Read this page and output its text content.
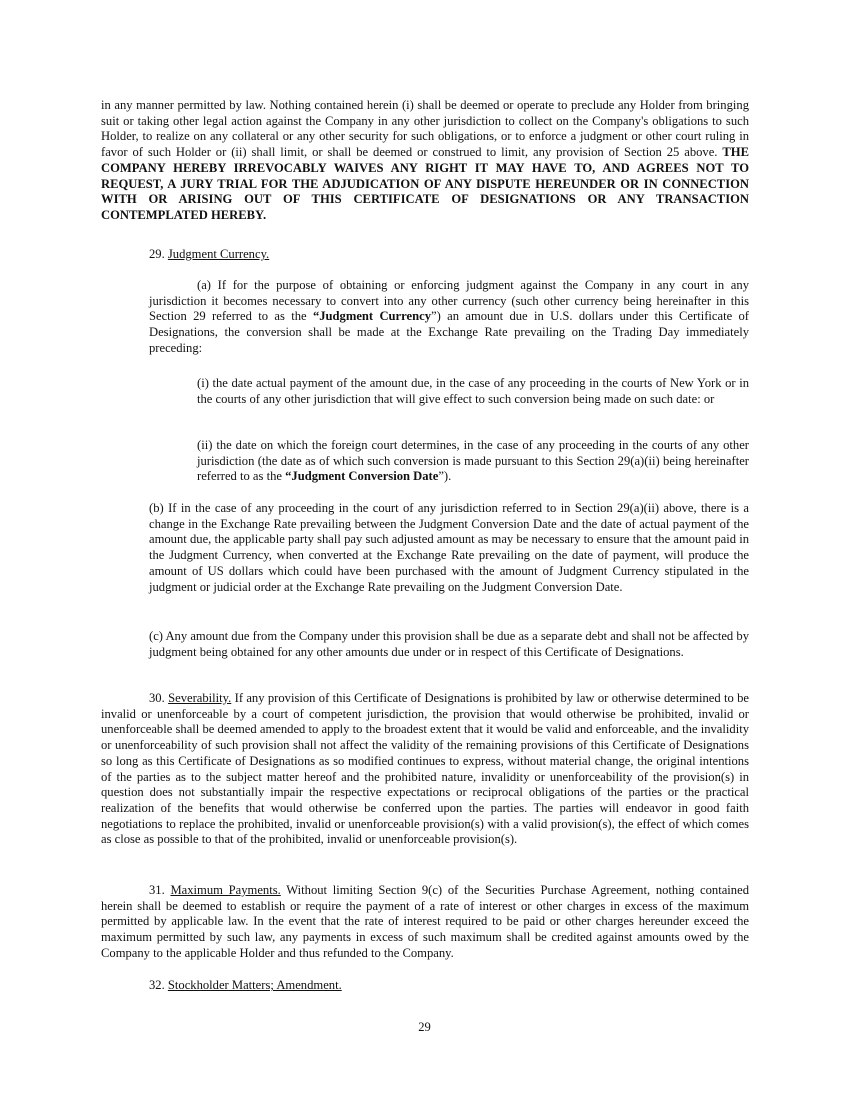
in any manner permitted by law. Nothing contained herein (i) shall be deemed or operate to preclude any Holder from bringing suit or taking other legal action against the Company in any other jurisdiction to collect on the Company's obligations to such Holder, to realize on any collateral or any other security for such obligations, or to enforce a judgment or other court ruling in favor of such Holder or (ii) shall limit, or shall be deemed or construed to limit, any provision of Section 25 above. THE COMPANY HEREBY IRREVOCABLY WAIVES ANY RIGHT IT MAY HAVE TO, AND AGREES NOT TO REQUEST, A JURY TRIAL FOR THE ADJUDICATION OF ANY DISPUTE HEREUNDER OR IN CONNECTION WITH OR ARISING OUT OF THIS CERTIFICATE OF DESIGNATIONS OR ANY TRANSACTION CONTEMPLATED HEREBY.

29. Judgment Currency.

(a) If for the purpose of obtaining or enforcing judgment against the Company in any court in any jurisdiction it becomes necessary to convert into any other currency (such other currency being hereinafter in this Section 29 referred to as the “Judgment Currency”) an amount due in U.S. dollars under this Certificate of Designations, the conversion shall be made at the Exchange Rate prevailing on the Trading Day immediately preceding:

(i) the date actual payment of the amount due, in the case of any proceeding in the courts of New York or in the courts of any other jurisdiction that will give effect to such conversion being made on such date: or

(ii) the date on which the foreign court determines, in the case of any proceeding in the courts of any other jurisdiction (the date as of which such conversion is made pursuant to this Section 29(a)(ii) being hereinafter referred to as the “Judgment Conversion Date”).

(b) If in the case of any proceeding in the court of any jurisdiction referred to in Section 29(a)(ii) above, there is a change in the Exchange Rate prevailing between the Judgment Conversion Date and the date of actual payment of the amount due, the applicable party shall pay such adjusted amount as may be necessary to ensure that the amount paid in the Judgment Currency, when converted at the Exchange Rate prevailing on the date of payment, will produce the amount of US dollars which could have been purchased with the amount of Judgment Currency stipulated in the judgment or judicial order at the Exchange Rate prevailing on the Judgment Conversion Date.

(c) Any amount due from the Company under this provision shall be due as a separate debt and shall not be affected by judgment being obtained for any other amounts due under or in respect of this Certificate of Designations.

30. Severability. If any provision of this Certificate of Designations is prohibited by law or otherwise determined to be invalid or unenforceable by a court of competent jurisdiction, the provision that would otherwise be prohibited, invalid or unenforceable shall be deemed amended to apply to the broadest extent that it would be valid and enforceable, and the invalidity or unenforceability of such provision shall not affect the validity of the remaining provisions of this Certificate of Designations so long as this Certificate of Designations as so modified continues to express, without material change, the original intentions of the parties as to the subject matter hereof and the prohibited nature, invalidity or unenforceability of the provision(s) in question does not substantially impair the respective expectations or reciprocal obligations of the parties or the practical realization of the benefits that would otherwise be conferred upon the parties. The parties will endeavor in good faith negotiations to replace the prohibited, invalid or unenforceable provision(s) with a valid provision(s), the effect of which comes as close as possible to that of the prohibited, invalid or unenforceable provision(s).

31. Maximum Payments. Without limiting Section 9(c) of the Securities Purchase Agreement, nothing contained herein shall be deemed to establish or require the payment of a rate of interest or other charges in excess of the maximum permitted by applicable law. In the event that the rate of interest required to be paid or other charges hereunder exceed the maximum permitted by such law, any payments in excess of such maximum shall be credited against amounts owed by the Company to the applicable Holder and thus refunded to the Company.

32. Stockholder Matters; Amendment.

29
